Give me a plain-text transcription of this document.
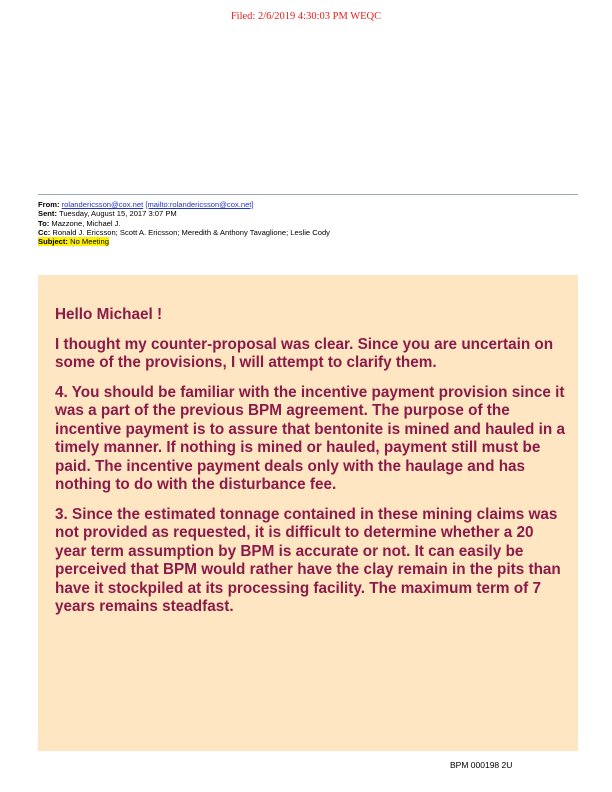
Filed: 2/6/2019 4:30:03 PM WEQC
From: rolandericsson@cox.net [mailto:rolandericsson@cox.net]
Sent: Tuesday, August 15, 2017 3:07 PM
To: Mazzone, Michael J.
Cc: Ronald J. Ericsson; Scott A. Ericsson; Meredith & Anthony Tavaglione; Leslie Cody
Subject: No Meeting

Hello Michael !

I thought my counter-proposal was clear. Since you are uncertain on some of the provisions, I will attempt to clarify them.

4. You should be familiar with the incentive payment provision since it was a part of the previous BPM agreement. The purpose of the incentive payment is to assure that bentonite is mined and hauled in a timely manner. If nothing is mined or hauled, payment still must be paid. The incentive payment deals only with the haulage and has nothing to do with the disturbance fee.

3. Since the estimated tonnage contained in these mining claims was not provided as requested, it is difficult to determine whether a 20 year term assumption by BPM is accurate or not. It can easily be perceived that BPM would rather have the clay remain in the pits than have it stockpiled at its processing facility. The maximum term of 7 years remains steadfast.

BPM 000198 2U
